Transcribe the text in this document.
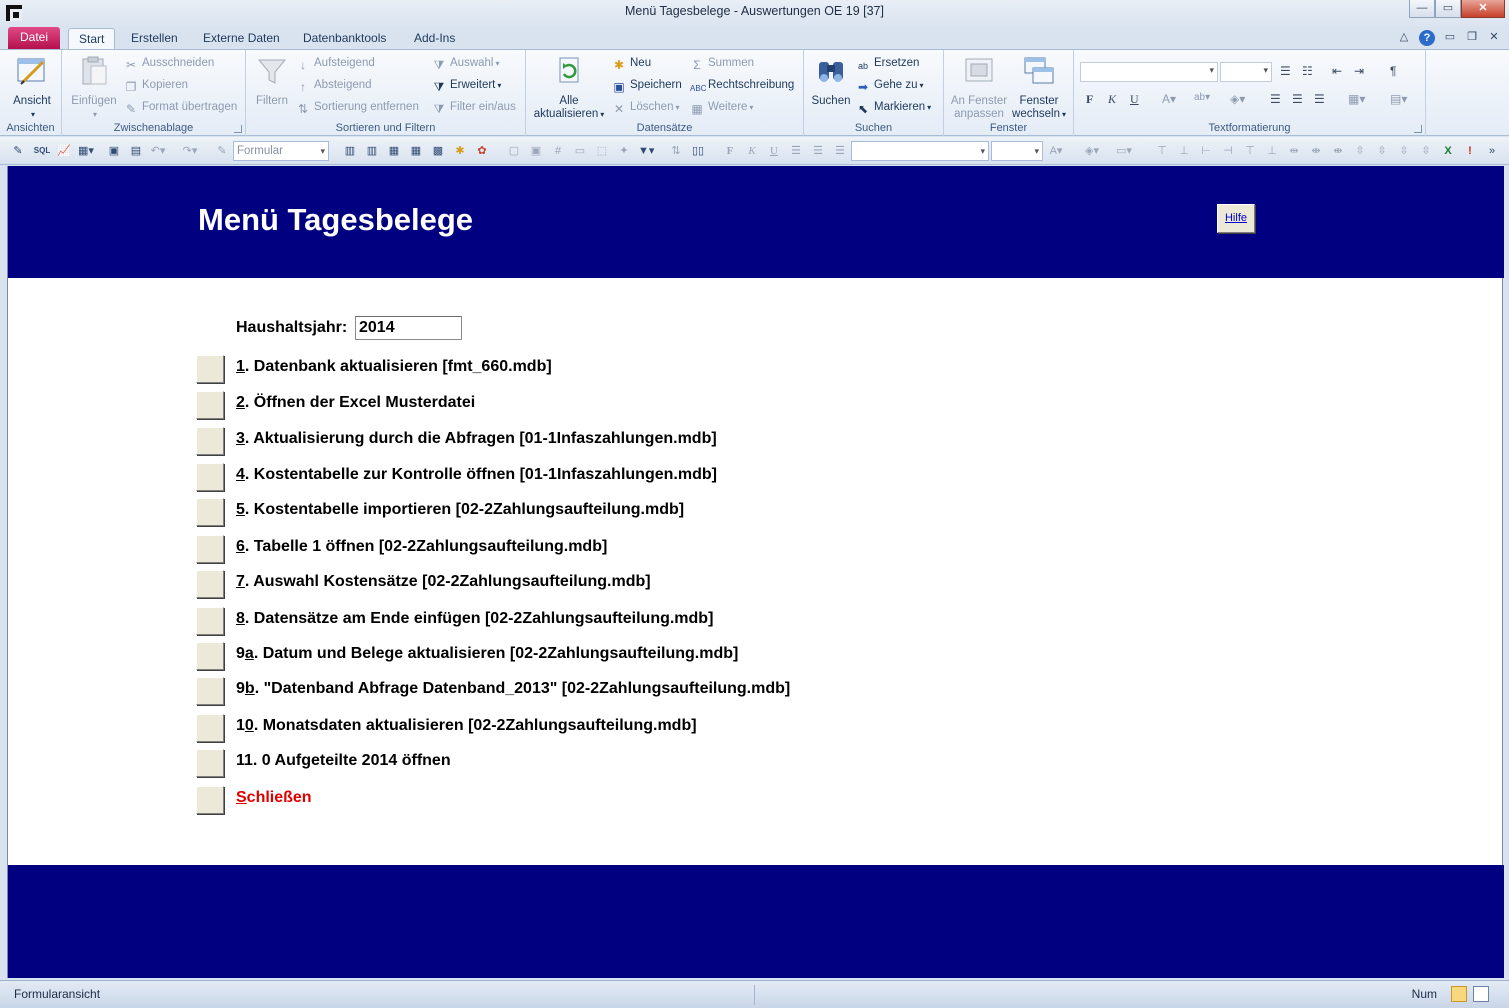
Menü Tagesbelege - Auswertungen OE 19 [37]	—	▭	✕
Datei	Start	Erstellen	Externe Daten	Datenbanktools	Add-Ins	△	?	▭ ❐ ✕
Ansicht
▾
Ansichten
Einfügen
▾
✂ Ausschneiden
❐ Kopieren
✎ Format übertragen
Zwischenablage
Filtern
↓ Aufsteigend
↑ Absteigend
⇅ Sortierung entfernen
⧩ Auswahl ▾
⧩ Erweitert ▾
⧩ Filter ein/aus
Sortieren und Filtern
Alle
aktualisieren ▾
✱ Neu
▣ Speichern
✕ Löschen ▾
Σ Summen
ABC Rechtschreibung
▦ Weitere ▾
Datensätze
Suchen
ab Ersetzen
➡ Gehe zu ▾
⬉ Markieren ▾
Suchen
An Fenster
anpassen
Fenster
wechseln ▾
Fenster
▾
▾
☰ ☷ ⇤ ⇥ ¶
F K U A▾ ab▾ ◈▾ ☰ ☰ ☰ ▦▾ ▤▾
Textformatierung
✎	SQL 📈 ▦▾ ▣ ▤ ↶▾ ↷▾	✎ Formular ▾	▥ ▥ ▦ ▦ ▩	✱	✿	▢ ▣	#	▭ ⬚	✦ ▼▾	⇅	▯▯	F	K	U	☰ ☰ ☰ ▾ ▾	A▾ ◈▾ ▭▾ ⊤ ⊥ ⊢ ⊣ ⊤ ⊥	⇹	⇼	⇼	⇳	⇳	⇳	⇳	X	!	»
Menü Tagesbelege	Hilfe
Haushaltsjahr:
2014
1. Datenbank aktualisieren [fmt_660.mdb]
2. Öffnen der Excel Musterdatei
3. Aktualisierung durch die Abfragen [01-1Infaszahlungen.mdb]
4. Kostentabelle zur Kontrolle öffnen [01-1Infaszahlungen.mdb]
5. Kostentabelle importieren [02-2Zahlungsaufteilung.mdb]
6. Tabelle 1 öffnen [02-2Zahlungsaufteilung.mdb]
7. Auswahl Kostensätze [02-2Zahlungsaufteilung.mdb]
8. Datensätze am Ende einfügen [02-2Zahlungsaufteilung.mdb]
9a. Datum und Belege aktualisieren [02-2Zahlungsaufteilung.mdb]
9b. "Datenband Abfrage Datenband_2013" [02-2Zahlungsaufteilung.mdb]
10. Monatsdaten aktualisieren [02-2Zahlungsaufteilung.mdb]
11. 0 Aufgeteilte 2014 öffnen
Schließen
Formularansicht	Num
